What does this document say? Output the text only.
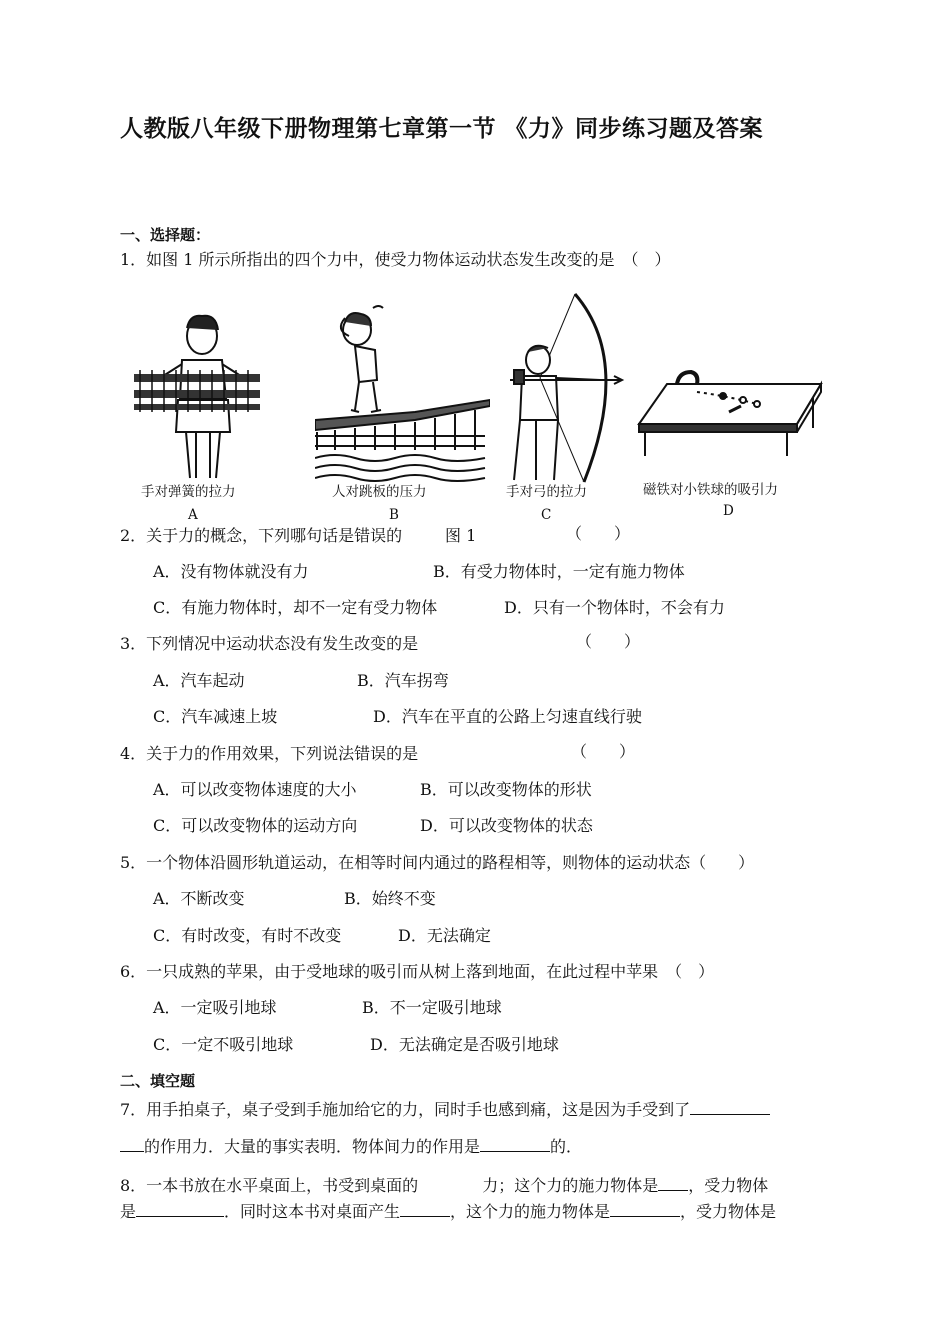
人教版八年级下册物理第七章第一节 《力》同步练习题及答案
一、选择题：
1．如图 1 所示所指出的四个力中，使受力物体运动状态发生改变的是　（　）
手对弹簧的拉力
A
人对跳板的压力
B
手对弓的拉力
C
磁铁对小铁球的吸引力
D
2．关于力的概念，下列哪句话是错误的	图 1	（　　）
A．没有物体就没有力	B．有受力物体时，一定有施力物体
C．有施力物体时，却不一定有受力物体	D．只有一个物体时，不会有力
3．下列情况中运动状态没有发生改变的是	（　　）
A．汽车起动	B．汽车拐弯
C．汽车减速上坡	D．汽车在平直的公路上匀速直线行驶
4．关于力的作用效果，下列说法错误的是	（　　）
A．可以改变物体速度的大小	B．可以改变物体的形状
C．可以改变物体的运动方向	D．可以改变物体的状态
5．一个物体沿圆形轨道运动，在相等时间内通过的路程相等，则物体的运动状态（　　）
A．不断改变	B．始终不变
C．有时改变，有时不改变	D．无法确定
6．一只成熟的苹果，由于受地球的吸引而从树上落到地面，在此过程中苹果　（　）
A．一定吸引地球	B．不一定吸引地球
C．一定不吸引地球	D．无法确定是否吸引地球
二、填空题
7．用手拍桌子，桌子受到手施加给它的力，同时手也感到痛，这是因为手受到了
的作用力．大量的事实表明．物体间力的作用是	的．
8．一本书放在水平桌面上，书受到桌面的	力；这个力的施力物体是 ，受力物体
是	．同时这本书对桌面产生	，这个力的施力物体是	，受力物体是
